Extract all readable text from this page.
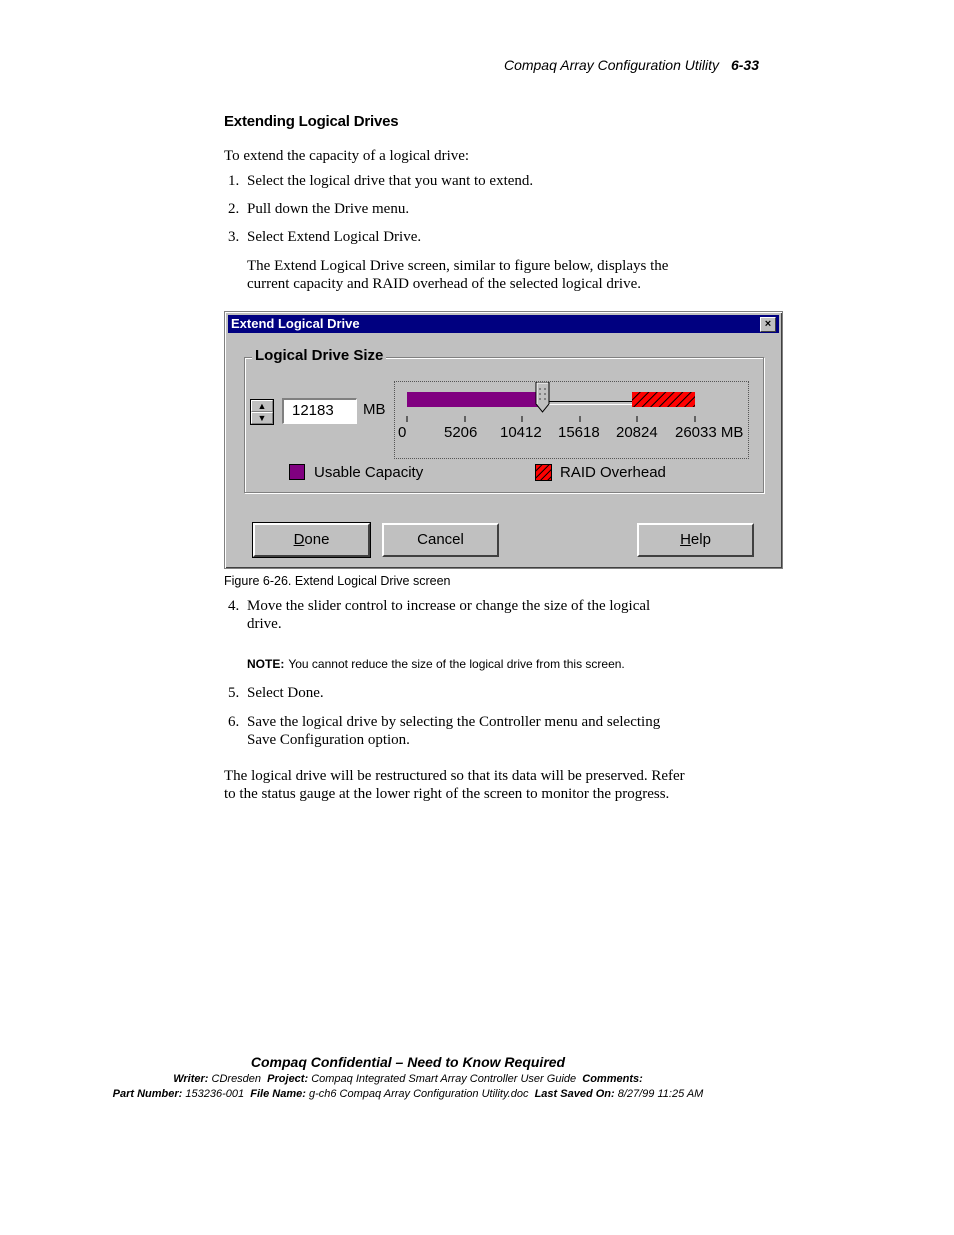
Compaq Array Configuration Utility 6-33
Extending Logical Drives
To extend the capacity of a logical drive:
1. Select the logical drive that you want to extend.
2. Pull down the Drive menu.
3. Select Extend Logical Drive.
The Extend Logical Drive screen, similar to figure below, displays the
current capacity and RAID overhead of the selected logical drive.
Extend Logical Drive	×
Logical Drive Size
▲
▼	12183	MB
0	5206 10412 15618 20824 26033 MB
Usable Capacity	RAID Overhead
Done	Cancel	Help
Figure 6-26. Extend Logical Drive screen
4. Move the slider control to increase or change the size of the logical
drive.
NOTE: You cannot reduce the size of the logical drive from this screen.
5. Select Done.
6. Save the logical drive by selecting the Controller menu and selecting
Save Configuration option.
The logical drive will be restructured so that its data will be preserved. Refer
to the status gauge at the lower right of the screen to monitor the progress.
Compaq Confidential – Need to Know Required
Writer: CDresden Project: Compaq Integrated Smart Array Controller User Guide Comments:
Part Number: 153236-001 File Name: g-ch6 Compaq Array Configuration Utility.doc Last Saved On: 8/27/99 11:25 AM
